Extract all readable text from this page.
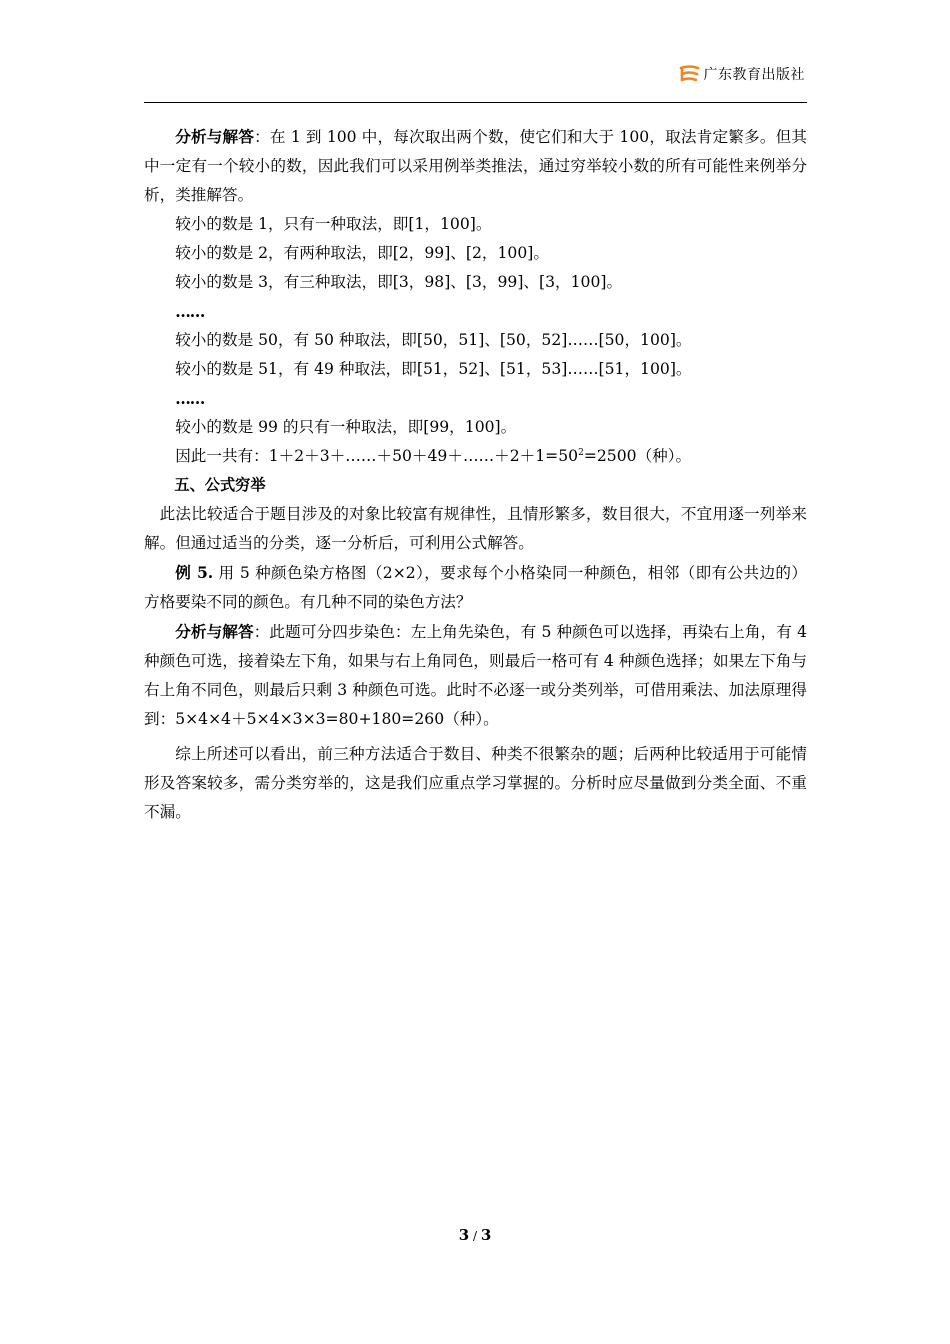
广东教育出版社

分析与解答：在 1 到 100 中，每次取出两个数，使它们和大于 100，取法肯定繁多。但其中一定有一个较小的数，因此我们可以采用例举类推法，通过穷举较小数的所有可能性来例举分析，类推解答。

较小的数是 1，只有一种取法，即[1，100]。

较小的数是 2，有两种取法，即[2，99]、[2，100]。

较小的数是 3，有三种取法，即[3，98]、[3，99]、[3，100]。

……

较小的数是 50，有 50 种取法，即[50，51]、[50，52]……[50，100]。

较小的数是 51，有 49 种取法，即[51，52]、[51，53]……[51，100]。

……

较小的数是 99 的只有一种取法，即[99，100]。

因此一共有：$1+2+3+\dots\dots+50+49+\dots\dots+2+1=50^2=2500$（种）。

五、公式穷举

此法比较适合于题目涉及的对象比较富有规律性，且情形繁多，数目很大，不宜用逐一列举来解。但通过适当的分类，逐一分析后，可利用公式解答。

例 5. 用 5 种颜色染方格图（2×2），要求每个小格染同一种颜色，相邻（即有公共边的）方格要染不同的颜色。有几种不同的染色方法？

分析与解答：此题可分四步染色：左上角先染色，有 5 种颜色可以选择，再染右上角，有 4 种颜色可选，接着染左下角，如果与右上角同色，则最后一格可有 4 种颜色选择；如果左下角与右上角不同色，则最后只剩 3 种颜色可选。此时不必逐一或分类列举，可借用乘法、加法原理得到：5×4×4＋5×4×3×3=80+180=260（种）。

综上所述可以看出，前三种方法适合于数目、种类不很繁杂的题；后两种比较适用于可能情形及答案较多，需分类穷举的，这是我们应重点学习掌握的。分析时应尽量做到分类全面、不重不漏。

3 / 3
